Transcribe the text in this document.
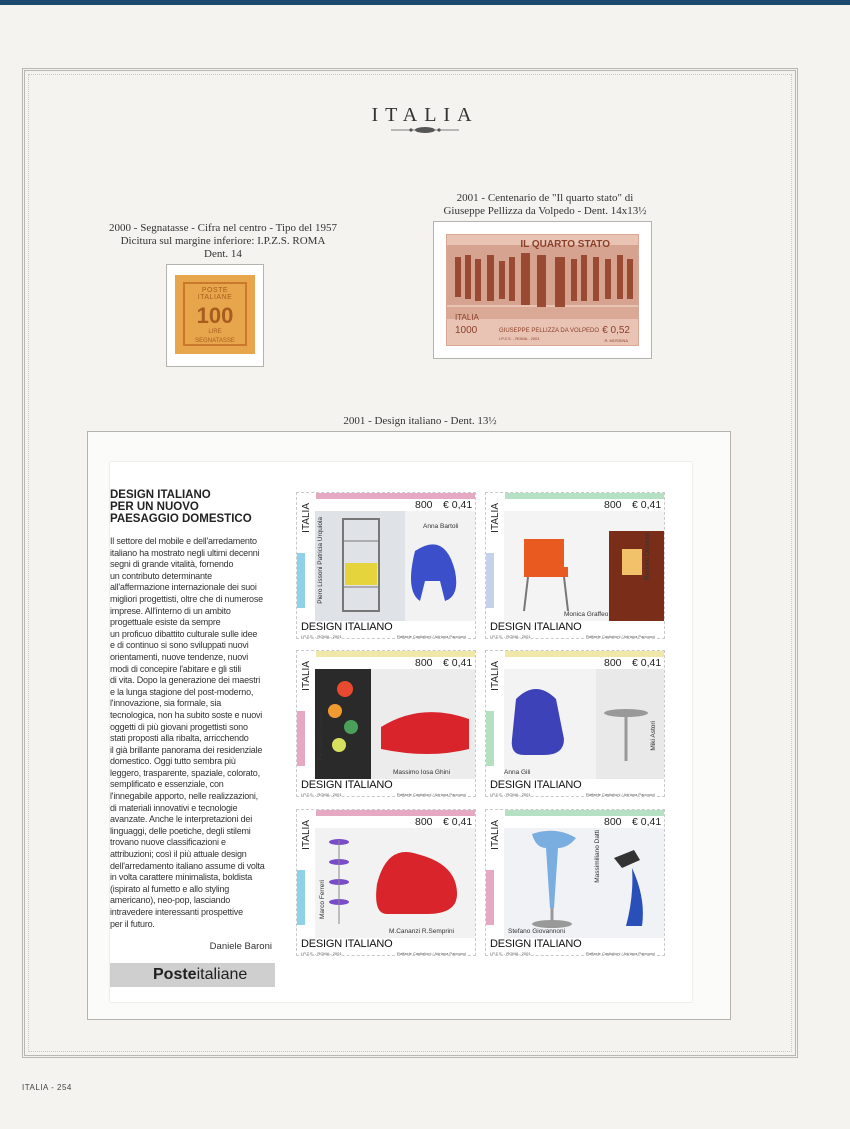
ITALIA
2000 - Segnatasse - Cifra nel centro - Tipo del 1957
Dicitura sul margine inferiore: I.P.Z.S. ROMA
Dent. 14
2001 - Centenario de "Il quarto stato" di
Giuseppe Pellizza da Volpedo - Dent. 14x13½
POSTE ITALIANE
100
LIRE
SEGNATASSE
IL QUARTO STATO
ITALIA
1000	GIUSEPPE PELLIZZA DA VOLPEDO € 0,52
I.P.Z.S. - ROMA - 2001	R. MOSSINA
2001 - Design italiano - Dent. 13½
DESIGN ITALIANO
PER UN NUOVO
PAESAGGIO DOMESTICO
Il settore del mobile e dell'arredamento
italiano ha mostrato negli ultimi decenni
segni di grande vitalità, fornendo
un contributo determinante
all'affermazione internazionale dei suoi
migliori progettisti, oltre che di numerose
imprese. All'interno di un ambito
progettuale esiste da sempre
un proficuo dibattito culturale sulle idee
e di continuo si sono sviluppati nuovi
orientamenti, nuove tendenze, nuovi
modi di concepire l'abitare e gli stili
di vita. Dopo la generazione dei maestri
e la lunga stagione del post-moderno,
l'innovazione, sia formale, sia
tecnologica, non ha subito soste e nuovi
oggetti di più giovani progettisti sono
stati proposti alla ribalta, arricchendo
il già brillante panorama dei residenziale
domestico. Oggi tutto sembra più
leggero, trasparente, spaziale, colorato,
semplificato e essenziale, con
l'innegabile apporto, nelle realizzazioni,
di materiali innovativi e tecnologie
avanzate. Anche le interpretazioni dei
linguaggi, delle poetiche, degli stilemi
trovano nuove classificazioni e
attribuzioni; così il più attuale design
dell'arredamento italiano assume di volta
in volta carattere minimalista, boldista
(ispirato al fumetto e allo styling
americano), neo-pop, lasciando
intravedere interessanti prospettive
per il futuro.
Daniele Baroni
Posteitaliane
ITALIA	800 € 0,41
Piero Lissoni Patricia Urquiola	Anna Bartoli
DESIGN ITALIANO
I.P.Z.S. - ROMA - 2001	Raffaele Castiglioni / Adriana Papponci
ITALIA	800 € 0,41
Monica Graffeo
Rodolfo Dordoni
DESIGN ITALIANO
I.P.Z.S. - ROMA - 2001	Raffaele Castiglioni / Adriana Papponci
ITALIA	800 € 0,41
Ferruccio Laviani
Massimo Iosa Ghini
DESIGN ITALIANO
I.P.Z.S. - ROMA - 2001	Raffaele Castiglioni / Adriana Papponci
ITALIA	800 € 0,41
Anna Gili
Miki Astori
DESIGN ITALIANO
I.P.Z.S. - ROMA - 2001	Raffaele Castiglioni / Adriana Papponci
ITALIA	800 € 0,41
Marco Ferreri
M.Cananzi R.Semprini
DESIGN ITALIANO
I.P.Z.S. - ROMA - 2001	Raffaele Castiglioni / Adriana Papponci
ITALIA	800 € 0,41
Stefano Giovannoni
Massimiliano Datti
DESIGN ITALIANO
I.P.Z.S. - ROMA - 2001	Raffaele Castiglioni / Adriana Papponci
ITALIA - 254
